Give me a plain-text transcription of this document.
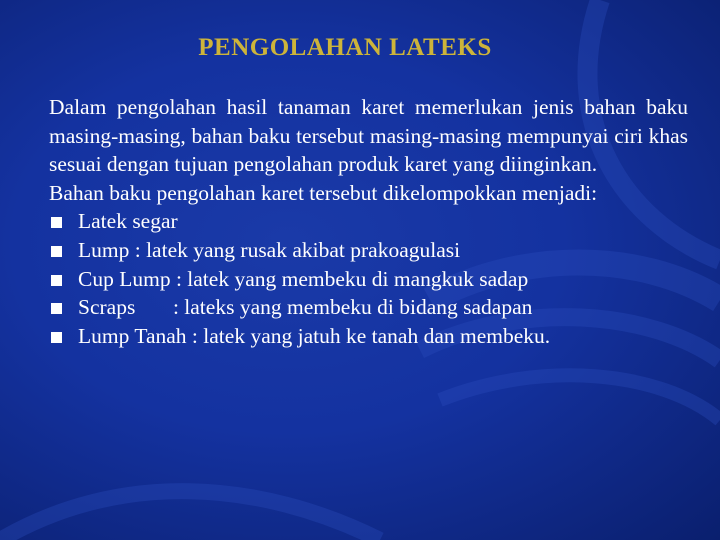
PENGOLAHAN LATEKS

Dalam pengolahan hasil tanaman karet memerlukan jenis bahan baku masing-masing, bahan baku tersebut masing-masing mempunyai ciri khas sesuai dengan tujuan pengolahan produk karet yang diinginkan.

Bahan baku pengolahan karet tersebut dikelompokkan menjadi:

Latek segar
Lump : latek yang rusak akibat prakoagulasi
Cup Lump : latek yang membeku di mangkuk sadap
Scraps       : lateks yang membeku di bidang sadapan
Lump Tanah : latek yang jatuh ke tanah dan membeku.
